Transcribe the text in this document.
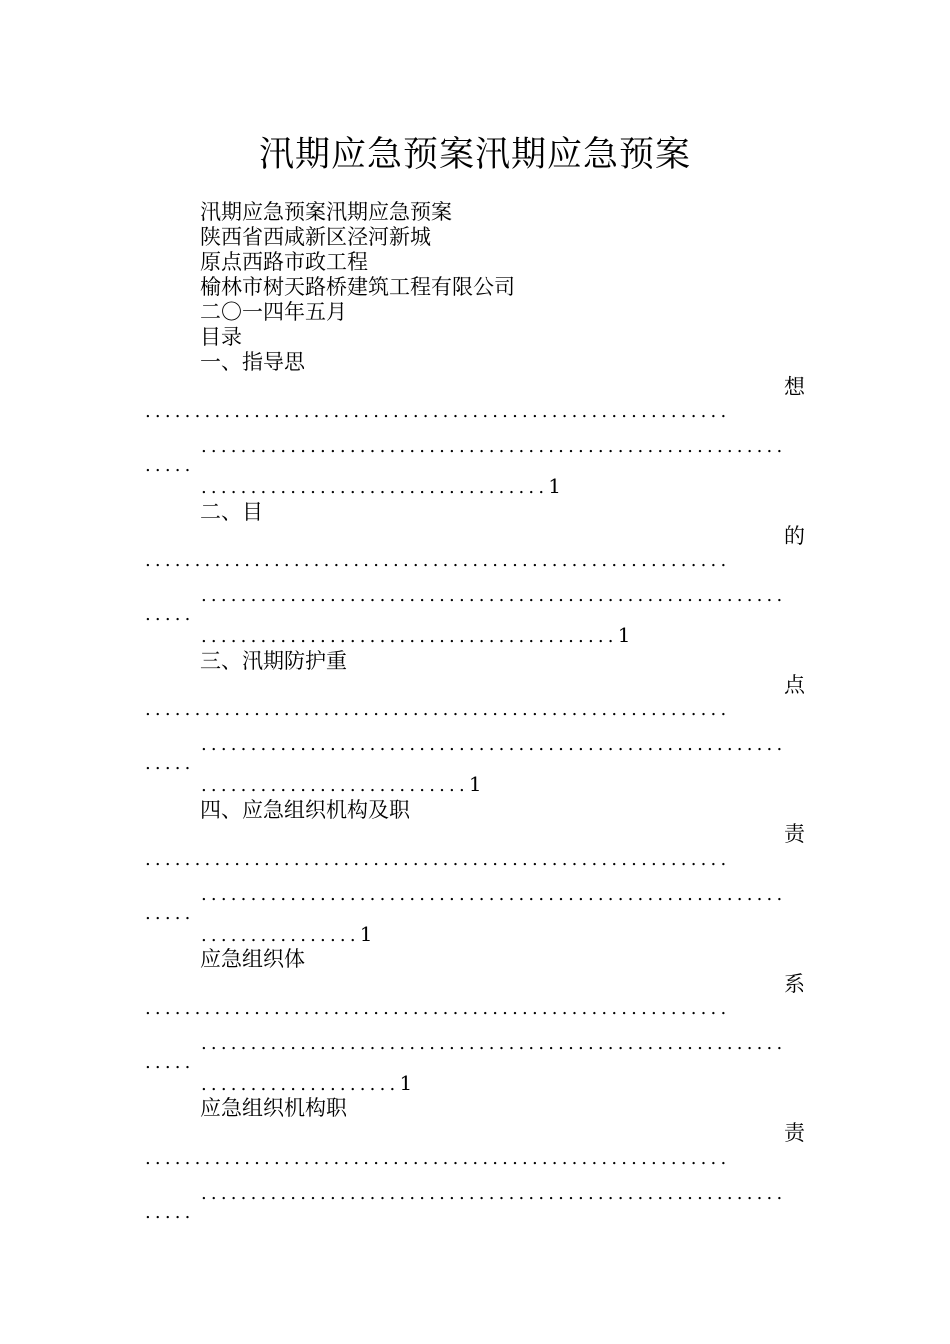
汛期应急预案汛期应急预案
汛期应急预案汛期应急预案
陕西省西咸新区泾河新城
原点西路市政工程
榆林市树天路桥建筑工程有限公司
二〇一四年五月
目录
一、指导思
想
...........................................................
...........................................................
.....
...................................1
二、目
的
...........................................................
...........................................................
.....
..........................................1
三、汛期防护重
点
...........................................................
...........................................................
.....
...........................1
四、应急组织机构及职
责
...........................................................
...........................................................
.....
................1
应急组织体
系
...........................................................
...........................................................
.....
....................1
应急组织机构职
责
...........................................................
...........................................................
.....
